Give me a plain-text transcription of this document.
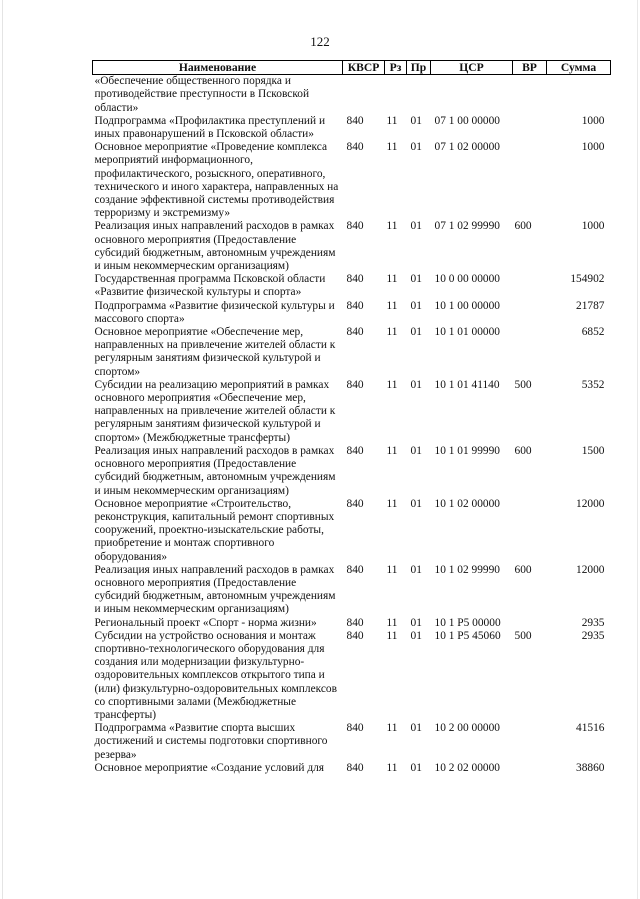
122
Наименование	КВСР	Рз	Пр	ЦСР	ВР	Сумма
«Обеспечение общественного порядка и противодействие преступности в Псковской области»						
Подпрограмма «Профилактика преступлений и иных правонарушений в Псковской области»	840	11	01	07 1 00 00000		1000
Основное мероприятие «Проведение комплекса мероприятий информационного, профилактического, розыскного, оперативного, технического и иного характера, направленных на создание эффективной системы противодействия терроризму и экстремизму»	840	11	01	07 1 02 00000		1000
Реализация иных направлений расходов в рамках основного мероприятия (Предоставление субсидий бюджетным, автономным учреждениям и иным некоммерческим организациям)	840	11	01	07 1 02 99990	600	1000
Государственная программа Псковской области «Развитие физической культуры и спорта»	840	11	01	10 0 00 00000		154902
Подпрограмма «Развитие физической культуры и массового спорта»	840	11	01	10 1 00 00000		21787
Основное мероприятие «Обеспечение мер, направленных на привлечение жителей области к регулярным занятиям физической культурой и спортом»	840	11	01	10 1 01 00000		6852
Субсидии на реализацию мероприятий в рамках основного мероприятия «Обеспечение мер, направленных на привлечение жителей области к регулярным занятиям физической культурой и спортом» (Межбюджетные трансферты)	840	11	01	10 1 01 41140	500	5352
Реализация иных направлений расходов в рамках основного мероприятия (Предоставление субсидий бюджетным, автономным учреждениям и иным некоммерческим организациям)	840	11	01	10 1 01 99990	600	1500
Основное мероприятие «Строительство, реконструкция, капитальный ремонт спортивных сооружений, проектно-изыскательские работы, приобретение и монтаж спортивного оборудования»	840	11	01	10 1 02 00000		12000
Реализация иных направлений расходов в рамках основного мероприятия (Предоставление субсидий бюджетным, автономным учреждениям и иным некоммерческим организациям)	840	11	01	10 1 02 99990	600	12000
Региональный проект «Спорт - норма жизни»	840	11	01	10 1 P5 00000		2935
Субсидии на устройство основания и монтаж спортивно-технологического оборудования для создания или модернизации физкультурно-оздоровительных комплексов открытого типа и (или) физкультурно-оздоровительных комплексов со спортивными залами (Межбюджетные трансферты)	840	11	01	10 1 P5 45060	500	2935
Подпрограмма «Развитие спорта высших достижений и системы подготовки спортивного резерва»	840	11	01	10 2 00 00000		41516
Основное мероприятие «Создание условий для	840	11	01	10 2 02 00000		38860
